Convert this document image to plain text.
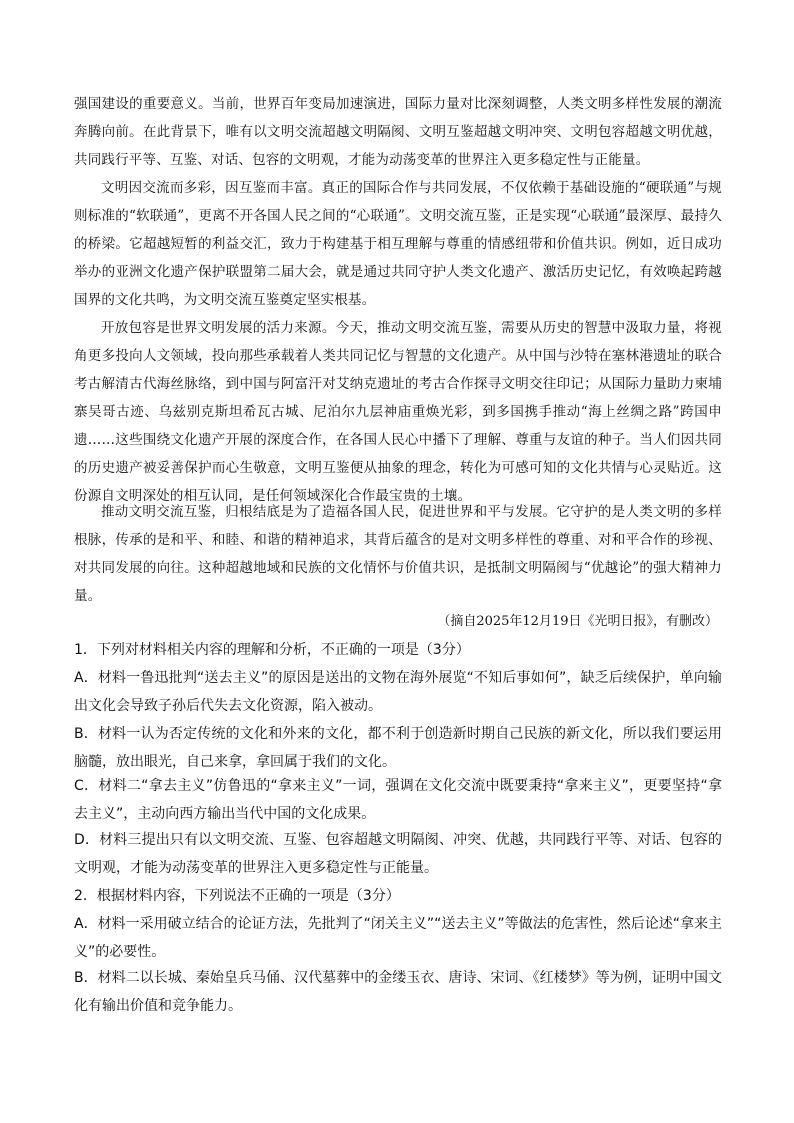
强国建设的重要意义。当前，世界百年变局加速演进，国际力量对比深刻调整，人类文明多样性发展的潮流奔腾向前。在此背景下，唯有以文明交流超越文明隔阂、文明互鉴超越文明冲突、文明包容超越文明优越，共同践行平等、互鉴、对话、包容的文明观，才能为动荡变革的世界注入更多稳定性与正能量。

文明因交流而多彩，因互鉴而丰富。真正的国际合作与共同发展，不仅依赖于基础设施的“硬联通”与规则标准的“软联通”，更离不开各国人民之间的“心联通”。文明交流互鉴，正是实现“心联通”最深厚、最持久的桥梁。它超越短暂的利益交汇，致力于构建基于相互理解与尊重的情感纽带和价值共识。例如，近日成功举办的亚洲文化遗产保护联盟第二届大会，就是通过共同守护人类文化遗产、激活历史记忆，有效唤起跨越国界的文化共鸣，为文明交流互鉴奠定坚实根基。

开放包容是世界文明发展的活力来源。今天，推动文明交流互鉴，需要从历史的智慧中汲取力量，将视角更多投向人文领域，投向那些承载着人类共同记忆与智慧的文化遗产。从中国与沙特在塞林港遗址的联合考古解清古代海丝脉络，到中国与阿富汗对艾纳克遗址的考古合作探寻文明交往印记；从国际力量助力柬埔寨吴哥古迹、乌兹别克斯坦希瓦古城、尼泊尔九层神庙重焕光彩，到多国携手推动“海上丝绸之路”跨国申遗……这些围绕文化遗产开展的深度合作，在各国人民心中播下了理解、尊重与友谊的种子。当人们因共同的历史遗产被妥善保护而心生敬意，文明互鉴便从抽象的理念，转化为可感可知的文化共情与心灵贴近。这份源自文明深处的相互认同，是任何领域深化合作最宝贵的土壤。

推动文明交流互鉴，归根结底是为了造福各国人民，促进世界和平与发展。它守护的是人类文明的多样根脉，传承的是和平、和睦、和谐的精神追求，其背后蕴含的是对文明多样性的尊重、对和平合作的珍视、对共同发展的向往。这种超越地域和民族的文化情怀与价值共识，是抵制文明隔阂与“优越论”的强大精神力量。

（摘自2025年12月19日《光明日报》，有删改）

1．下列对材料相关内容的理解和分析，不正确的一项是（3分）

A．材料一鲁迅批判“送去主义”的原因是送出的文物在海外展览“不知后事如何”，缺乏后续保护，单向输出文化会导致子孙后代失去文化资源，陷入被动。

B．材料一认为否定传统的文化和外来的文化，都不利于创造新时期自己民族的新文化，所以我们要运用脑髓，放出眼光，自己来拿，拿回属于我们的文化。

C．材料二“拿去主义”仿鲁迅的“拿来主义”一词，强调在文化交流中既要秉持“拿来主义”，更要坚持“拿去主义”，主动向西方输出当代中国的文化成果。

D．材料三提出只有以文明交流、互鉴、包容超越文明隔阂、冲突、优越，共同践行平等、对话、包容的文明观，才能为动荡变革的世界注入更多稳定性与正能量。

2．根据材料内容，下列说法不正确的一项是（3分）

A．材料一采用破立结合的论证方法，先批判了“闭关主义”“送去主义”等做法的危害性，然后论述“拿来主义”的必要性。

B．材料二以长城、秦始皇兵马俑、汉代墓葬中的金缕玉衣、唐诗、宋词、《红楼梦》等为例，证明中国文化有输出价值和竞争能力。
